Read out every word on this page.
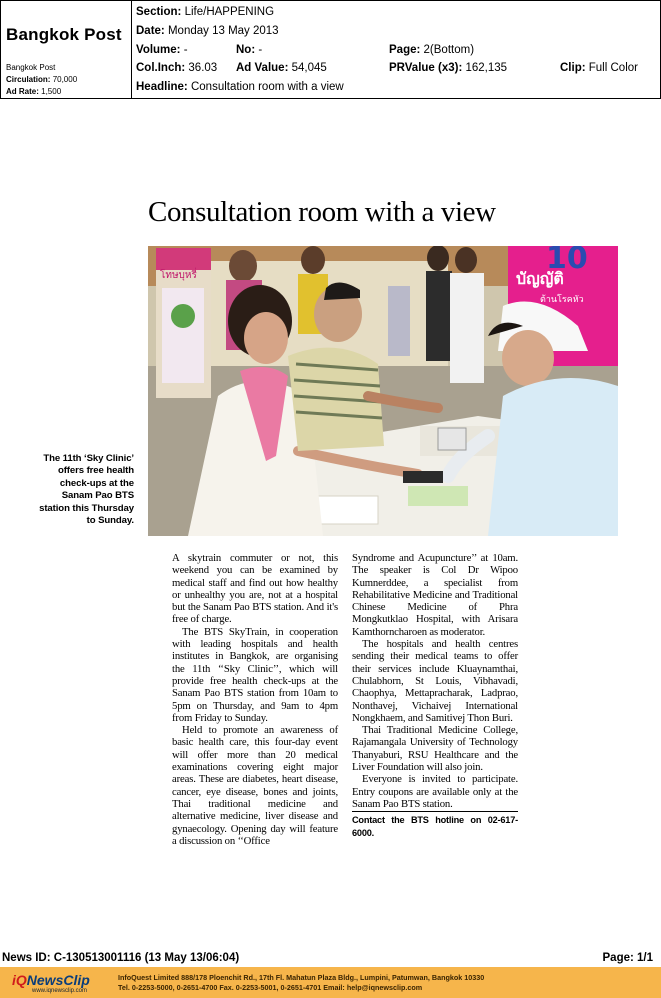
Bangkok Post
Bangkok Post
Circulation: 70,000
Ad Rate: 1,500
Section: Life/HAPPENING
Date: Monday 13 May 2013
Volume: -	No: -	Page: 2(Bottom)
Col.Inch: 36.03 Ad Value: 54,045	PRValue (x3): 162,135	Clip: Full Color
Headline: Consultation room with a view
Consultation room with a view
โทษบุหรี่	10
บัญญัติ
ต้านโรคหัว
The 11th ‘Sky Clinic’ offers free health check-ups at the Sanam Pao BTS station this Thursday to Sunday.

A skytrain commuter or not, this weekend you can be examined by medical staff and find out how healthy or unhealthy you are, not at a hospital but the Sanam Pao BTS station. And it's free of charge.

The BTS SkyTrain, in cooperation with leading hospitals and health institutes in Bangkok, are organising the 11th ‘‘Sky Clinic’’, which will provide free health check-ups at the Sanam Pao BTS station from 10am to 5pm on Thursday, and 9am to 4pm from Friday to Sunday.

Held to promote an awareness of basic health care, this four-day event will offer more than 20 medical examinations covering eight major areas. These are diabetes, heart disease, cancer, eye disease, bones and joints, Thai traditional medicine and alternative medicine, liver disease and gynaecology. Opening day will feature a discussion on ‘‘Office

Syndrome and Acupuncture’’ at 10am. The speaker is Col Dr Wipoo Kumnerddee, a specialist from Rehabilitative Medicine and Traditional Chinese Medicine of Phra Mongkutklao Hospital, with Arisara Kamthorncharoen as moderator.

The hospitals and health centres sending their medical teams to offer their services include Kluaynamthai, Chulabhorn, St Louis, Vibhavadi, Chaophya, Mettapracharak, Ladprao, Nonthavej, Vichaivej International Nongkhaem, and Samitivej Thon Buri.

Thai Traditional Medicine College, Rajamangala University of Technology Thanyaburi, RSU Healthcare and the Liver Foundation will also join.

Everyone is invited to participate. Entry coupons are available only at the Sanam Pao BTS station.

Contact the BTS hotline on 02-617-6000.
News ID: C-130513001116 (13 May 13/06:04)	Page: 1/1
iQNewsClip
www.iqnewsclip.com
InfoQuest Limited 888/178 Ploenchit Rd., 17th Fl. Mahatun Plaza Bldg., Lumpini, Patumwan, Bangkok 10330
Tel. 0-2253-5000, 0-2651-4700 Fax. 0-2253-5001, 0-2651-4701 Email: help@iqnewsclip.com
